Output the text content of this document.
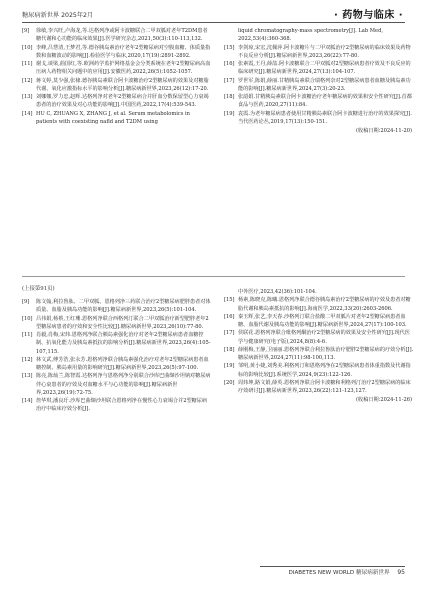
糖尿病新世界 2025年2月	· 药物与临床 ·
[9] 徐敏,李兴旺,卢海龙,等.达格列净或阿卡波糖联合二甲双胍对老年T2DM患者糖代谢和心功能的临床效果[J].医学研究杂志,2021,50(3):110-113,132.
[10] 李峰,吕慧清,王梦君,等.德谷胰岛素治疗老年2型糖尿病对空腹血糖、体质量指数和血糖波动的影响[J].检验医学与临床,2020,17(19):2891-2892.
[11] 谢戈,谈梁,曲国红,等.欧洲药学监护网络基金会分类系统在老年2型糖尿病高血压病人药物相关问题中的应用[J].安徽医药,2022,26(5):1052-1057.
[12] 蒋文婷,莫少强,张棣.德谷胰岛素联合阿卡波糖治疗2型糖尿病的效果及对糖脂代谢、氧化应激指标水平的影响分析[J].糖尿病新世界,2023,26(12):17-20.
[13] 刘娜娜,罗力忠,赵辉.达格列净对老年2型糖尿病合并肝血分数保留型心力衰竭患者的治疗效果及对心功能的影响[J].中国医药,2022,17(4):539-543.
[14] HU C, ZHUANG X, ZHANG J, et al. Serum metabolomics in patients with coexisting nafld and T2DM using
liquid chromatography-mass spectrometry[J]. Lab Med, 2022,53(4):360-368.
[15] 李剑琼,宋宏,沈佩萍.阿卡波糖片与二甲双胍治疗2型糖尿病的临床效果及药物不良反应分析[J].糖尿病新世界,2023,26(22):77-80.
[16] 张素霞,王丹,薛喆.阿卡波糖联合二甲双胍对2型糖尿病患者疗效及不良反应的临床研究[J].糖尿病新世界,2024,27(13):104-107.
[17] 罗世军,陈娟,薛丽.甘精胰岛素联合瑞格列奈对2型糖尿病患者血糖及胰岛素功能的影响[J].糖尿病新世界,2024,27(3):20-23.
[18] 张韶娟.甘精胰岛素联合阿卡波糖治疗老年糖尿病的效果和安全性研究[J].首都食品与医药,2020,27(11):84.
[19] 袁霞.为老年糖尿病患者使用甘精胰岛素联合阿卡波糖进行治疗的效果探究[J].当代医药论丛,2019,17(13):150-151.
(收稿日期:2024-11-20)
(上接第91页)
[9] 陈文翰,利拉鲁肽、二甲双胍、恩格列净三药联合治疗2型糖尿病肥胖患者对体质量、血脂及胰岛功能的影响[J].糖尿病新世界,2023,26(5):101-104.
[10] 吕伟娟,杨蔡,王红珊.恩格列净联合西格列汀联合二甲双胍治疗新型肥胖老年2型糖尿病患者的疗效和安全性比较[J].糖尿病新世界,2023,26(10):77-80.
[11] 肖毅,肖梅,宋炜.恩格列净联合胰岛素强化治疗对老年2型糖尿病患者血糖控制、抗氧化能力及胰岛素抵抗的影响分析[J].糖尿病新世界,2023,26(4):105-107,115.
[12] 林文武,傅芳浩,张永芳.恩格列净联合胰岛素强化治疗对老年2型糖尿病患者血糖控制、胰岛素用量的影响研究[J].糖尿病新世界,2023,26(5):97-100.
[13] 陈亮,陈灿兰,陈智霞.达格列净与恩格列净分别联合沙库巴曲缬沙坦钠对糖尿病伴心衰患者的疗效及对血糖水平与心功能的影响[J].糖尿病新世界,2023,26(19):72-75.
[14] 詹华琪,潘良玗.沙库巴曲缬沙坦联合恩格列净在慢性心力衰竭合并2型糖尿病治疗中临床疗效分析[J].
中外医疗,2023,42(36):101-104.
[15] 杨素,陈晓克,陈曦.恩格列净联合德谷胰岛素治疗2型糖尿病的疗效及患者对糖脂代谢和胰岛素抵抗的影响[J].海南医学,2022,33(20):2603-2606.
[16] 秦玉辉,张艺,李天春.沙格列汀联合盐酸二甲双胍片对老年2型糖尿病患者血糖、血脂代谢及胰岛功能的影响[J].糖尿病新世界,2024,27(17):100-103.
[17] 侯联花.恩格列净联合吡格列酮治疗2型糖尿病的效果及安全性研究[J].现代医学与健康研究(电子版),2024,8(8):4-6.
[18] 薛刚梅,王静,卫丽丽.恩格列净联合利拉鲁肽治疗肥胖2型糖尿病的疗效分析[J].糖尿病新世界,2024,27(11):98-100,113.
[19] 邹明,黄小婕,刘秀美.利格列汀和恩格列净在2型糖尿病患者体重指数及代谢指标的影响比较[J].系统医学,2024,9(23):122-126.
[20] 周炜坤,路文娟,薛英.恩格列净联合阿卡波糖和利格列汀治疗2型糖尿病的临床疗效研讨[J].糖尿病新世界,2023,26(22):121-123,127.
(收稿日期:2024-11-26)
DIABETES NEW WORLD 糖尿病新世界 95
